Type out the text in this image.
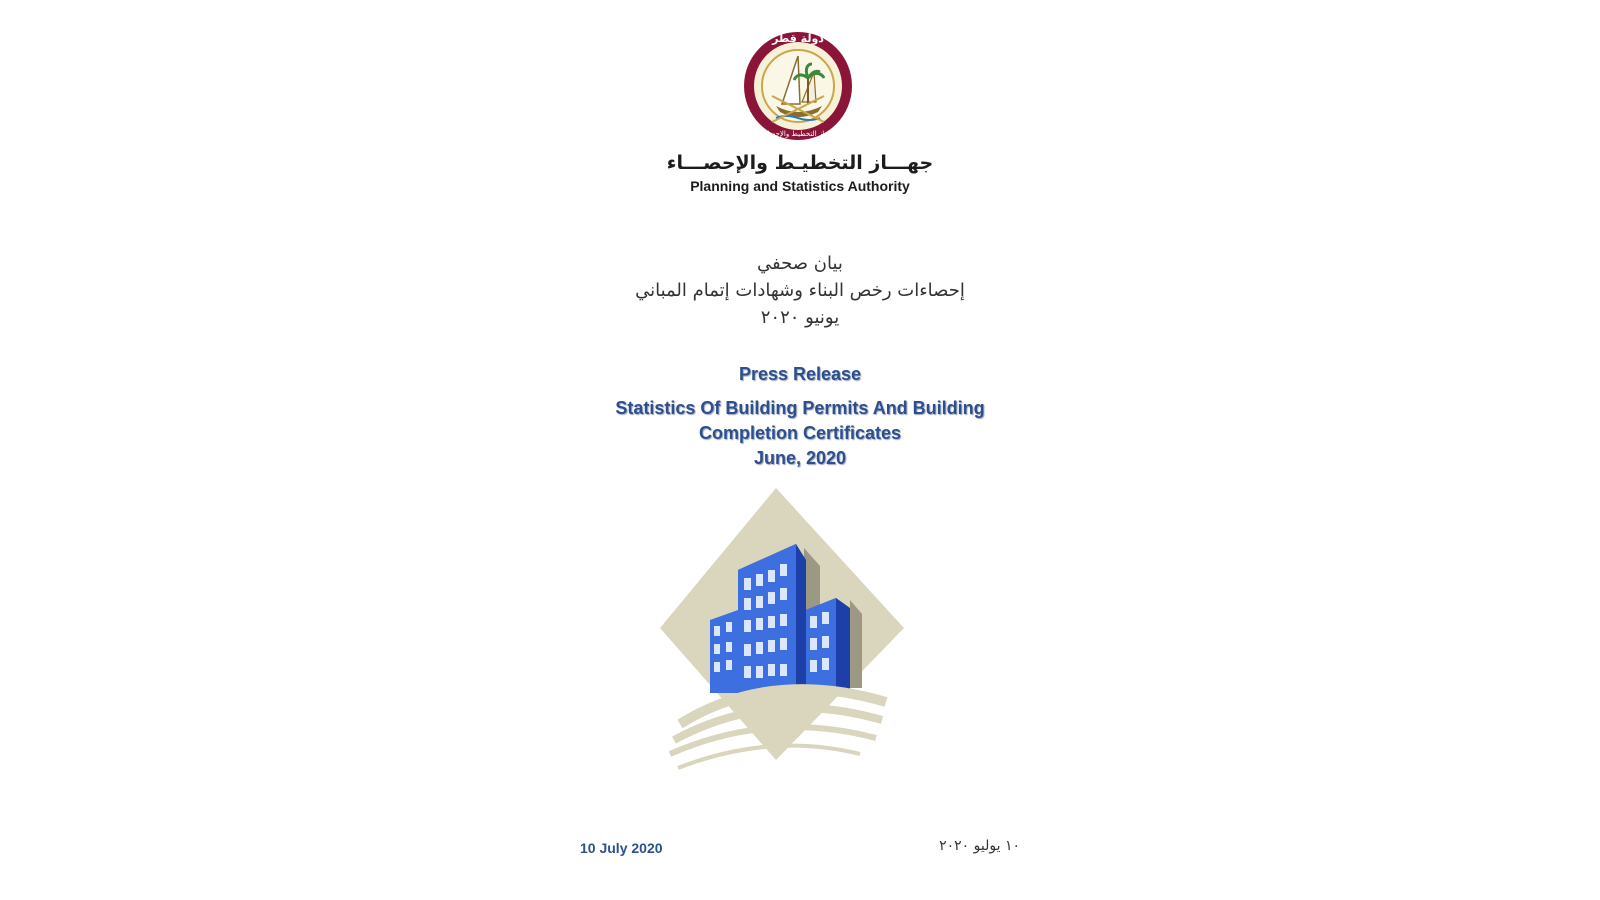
دولة قطر
جهاز التخطيط والإحصاء
جهـــاز التخطيـط والإحصـــاء
Planning and Statistics Authority
بيان صحفي
إحصاءات رخص البناء وشهادات إتمام المباني
يونيو ٢٠٢٠
Press Release
Statistics Of Building Permits And Building
Completion Certificates
June, 2020
10 July 2020	١٠ يوليو ٢٠٢٠
